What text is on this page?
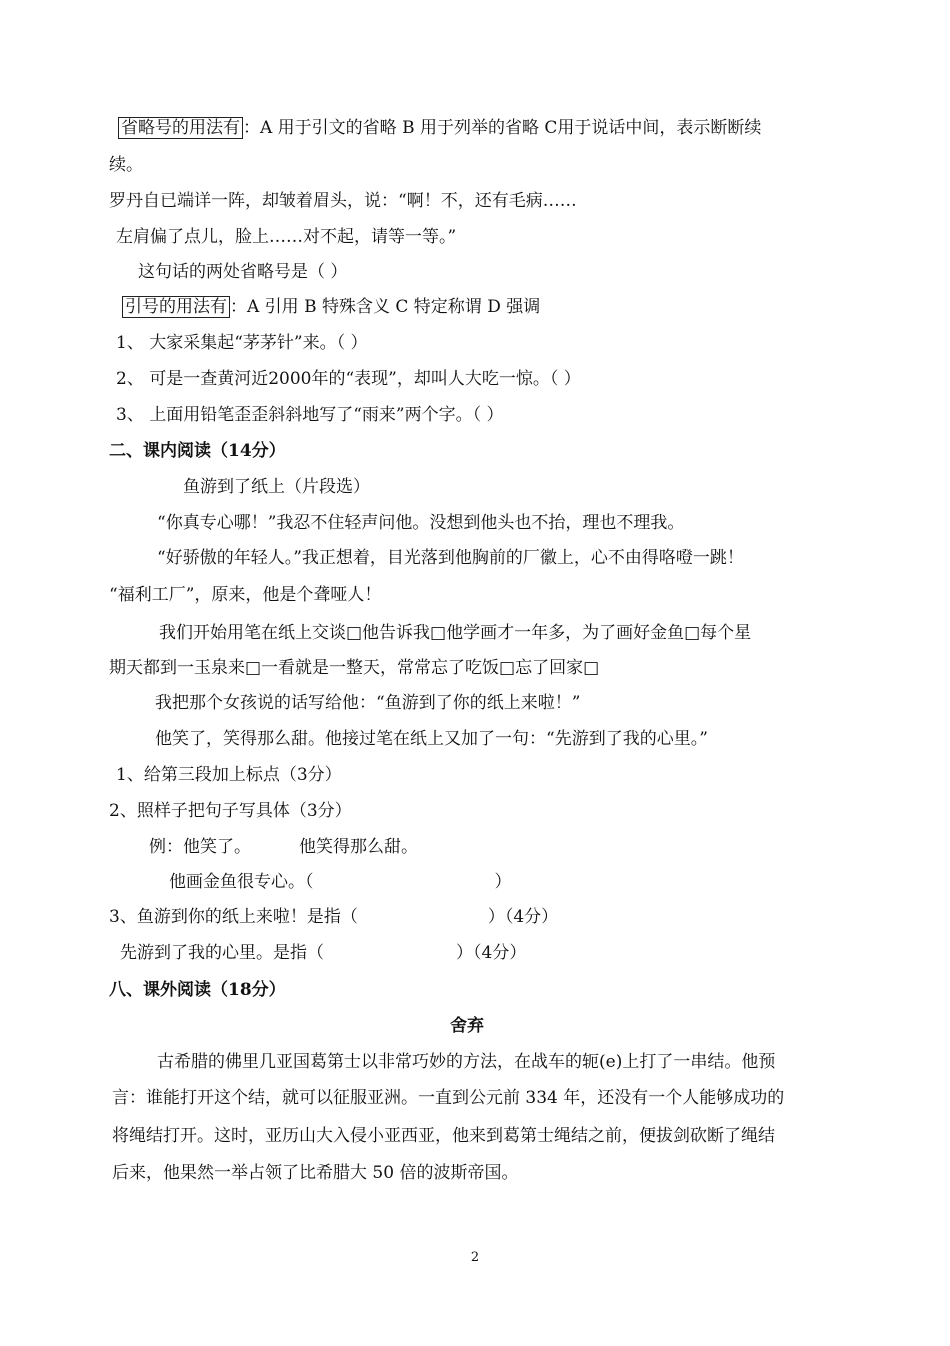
省略号的用法有 ：A 用于引文的省略 B 用于列举的省略 C用于说话中间，表示断断续
续。
罗丹自已端详一阵，却皱着眉头，说：“啊！不，还有毛病……
左肩偏了点儿，脸上……对不起，请等一等。”
这句话的两处省略号是（ ）
引号的用法有 ：A 引用 B 特殊含义 C 特定称谓 D 强调
1、 大家采集起“茅茅针”来。（ ）
2、 可是一查黄河近2000年的“表现”，却叫人大吃一惊。（ ）
3、 上面用铅笔歪歪斜斜地写了“雨来”两个字。（ ）
二、课内阅读（14分）
鱼游到了纸上（片段选）
“你真专心哪！”我忍不住轻声问他。没想到他头也不抬，理也不理我。
“好骄傲的年轻人。”我正想着，目光落到他胸前的厂徽上，心不由得咯噔一跳！
“福利工厂”，原来，他是个聋哑人！
我们开始用笔在纸上交谈□他告诉我□他学画才一年多，为了画好金鱼□每个星
期天都到一玉泉来□一看就是一整天，常常忘了吃饭□忘了回家□
我把那个女孩说的话写给他：“鱼游到了你的纸上来啦！”
他笑了，笑得那么甜。他接过笔在纸上又加了一句：“先游到了我的心里。”
1、给第三段加上标点（3分）
2、照样子把句子写具体（3分）
例：他笑了。	他笑得那么甜。
他画金鱼很专心。（	）
3、鱼游到你的纸上来啦！是指（	）（4分）
先游到了我的心里。是指（	）（4分）
八、课外阅读（18分）
舍弃
古希腊的佛里几亚国葛第士以非常巧妙的方法，在战车的轭(e)上打了一串结。他预
言：谁能打开这个结，就可以征服亚洲。一直到公元前 334 年，还没有一个人能够成功的
将绳结打开。这时，亚历山大入侵小亚西亚，他来到葛第士绳结之前，便拔剑砍断了绳结
后来，他果然一举占领了比希腊大 50 倍的波斯帝国。
2
